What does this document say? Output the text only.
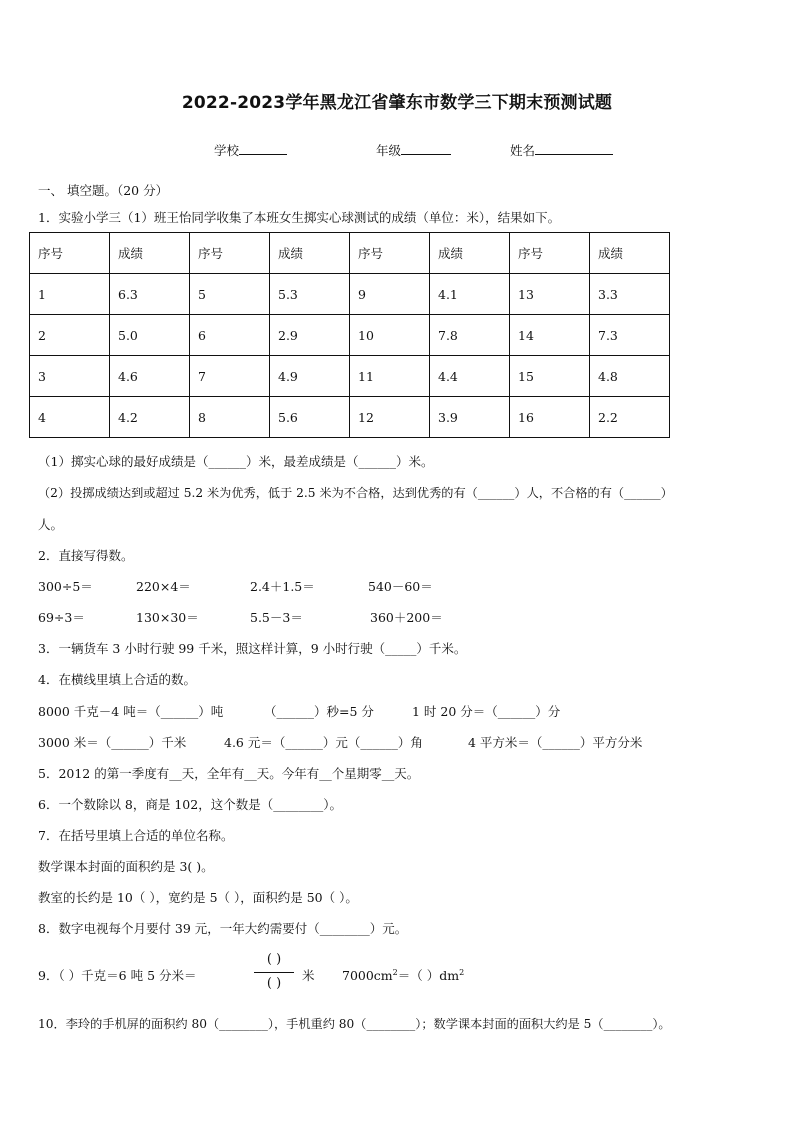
2022-2023学年黑龙江省肇东市数学三下期末预测试题
学校	年级	姓名
一、 填空题。（20 分）
1．实验小学三（1）班王怡同学收集了本班女生掷实心球测试的成绩（单位：米），结果如下。
序号	成绩	序号	成绩	序号	成绩	序号	成绩
1	6.3	5	5.3	9	4.1	13	3.3
2	5.0	6	2.9	10	7.8	14	7.3
3	4.6	7	4.9	11	4.4	15	4.8
4	4.2	8	5.6	12	3.9	16	2.2
（1）掷实心球的最好成绩是（______）米，最差成绩是（______）米。
（2）投掷成绩达到或超过 5.2 米为优秀，低于 2.5 米为不合格，达到优秀的有（______）人，不合格的有（______）
人。
2．直接写得数。
300÷5＝	220×4＝	2.4＋1.5＝	540－60＝
69÷3＝	130×30＝	5.5－3＝	360＋200＝
3．一辆货车 3 小时行驶 99 千米，照这样计算，9 小时行驶（_____）千米。
4．在横线里填上合适的数。
8000 千克－4 吨＝（______）吨	（______）秒=5 分	1 时 20 分＝（______）分
3000 米＝（______）千米	4.6 元＝（______）元（______）角	4 平方米＝（______）平方分米
5．2012 的第一季度有__天，全年有__天。今年有__个星期零__天。
6．一个数除以 8，商是 102，这个数是（________）。
7．在括号里填上合适的单位名称。
数学课本封面的面积约是 3( )。
教室的长约是 10（ ），宽约是 5（ ），面积约是 50（ ）。
8．数字电视每个月要付 39 元，一年大约需要付（________）元。
9．（ ）千克＝6 吨 5 分米＝
( )
( )
米 $7000cm^2=$（ ）$dm^2$
10．李玲的手机屏的面积约 80（________），手机重约 80（________）；数学课本封面的面积大约是 5（________）。
